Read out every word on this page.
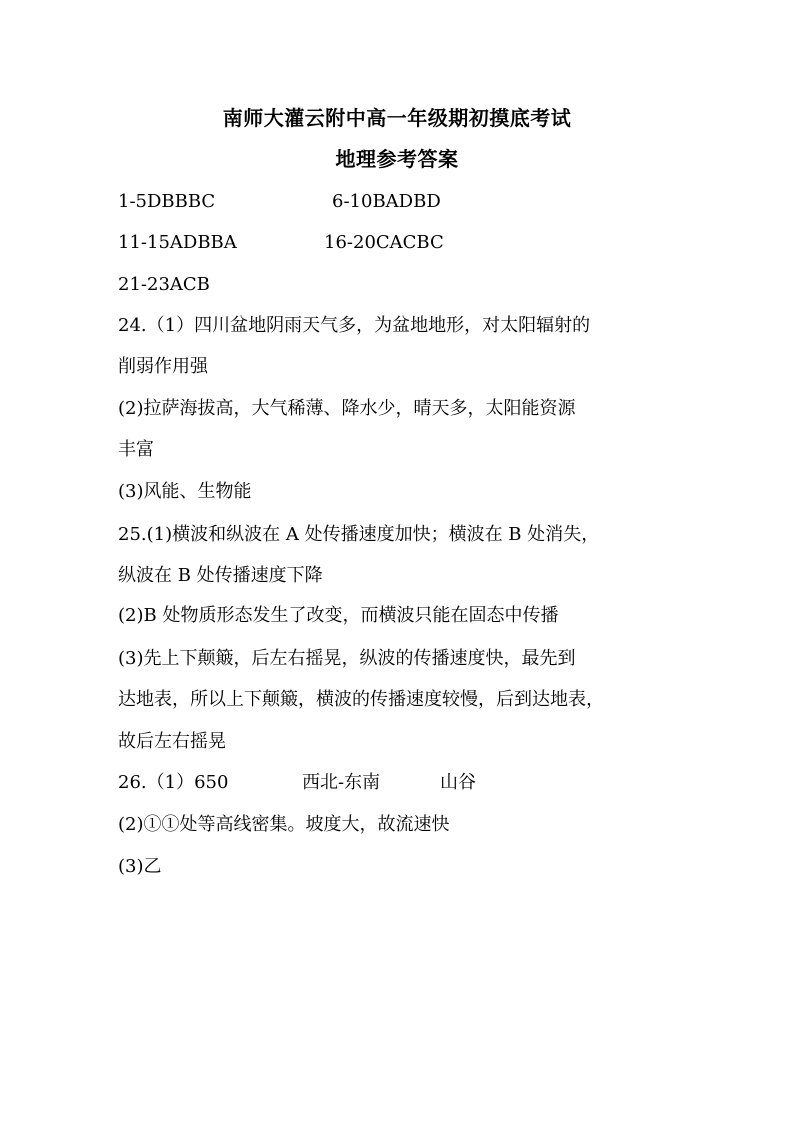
南师大灌云附中高一年级期初摸底考试
地理参考答案
1-5DBBBC	6-10BADBD
11-15ADBBA	16-20CACBC
21-23ACB
24.（1）四川盆地阴雨天气多，为盆地地形，对太阳辐射的
削弱作用强
(2)拉萨海拔高，大气稀薄、降水少，晴天多，太阳能资源
丰富
(3)风能、生物能
25.(1)横波和纵波在 A 处传播速度加快；横波在 B 处消失，
纵波在 B 处传播速度下降
(2)B 处物质形态发生了改变，而横波只能在固态中传播
(3)先上下颠簸，后左右摇晃，纵波的传播速度快，最先到
达地表，所以上下颠簸，横波的传播速度较慢，后到达地表，
故后左右摇晃
26.（1）650	西北-东南	山谷
(2)①①处等高线密集。坡度大，故流速快
(3)乙
